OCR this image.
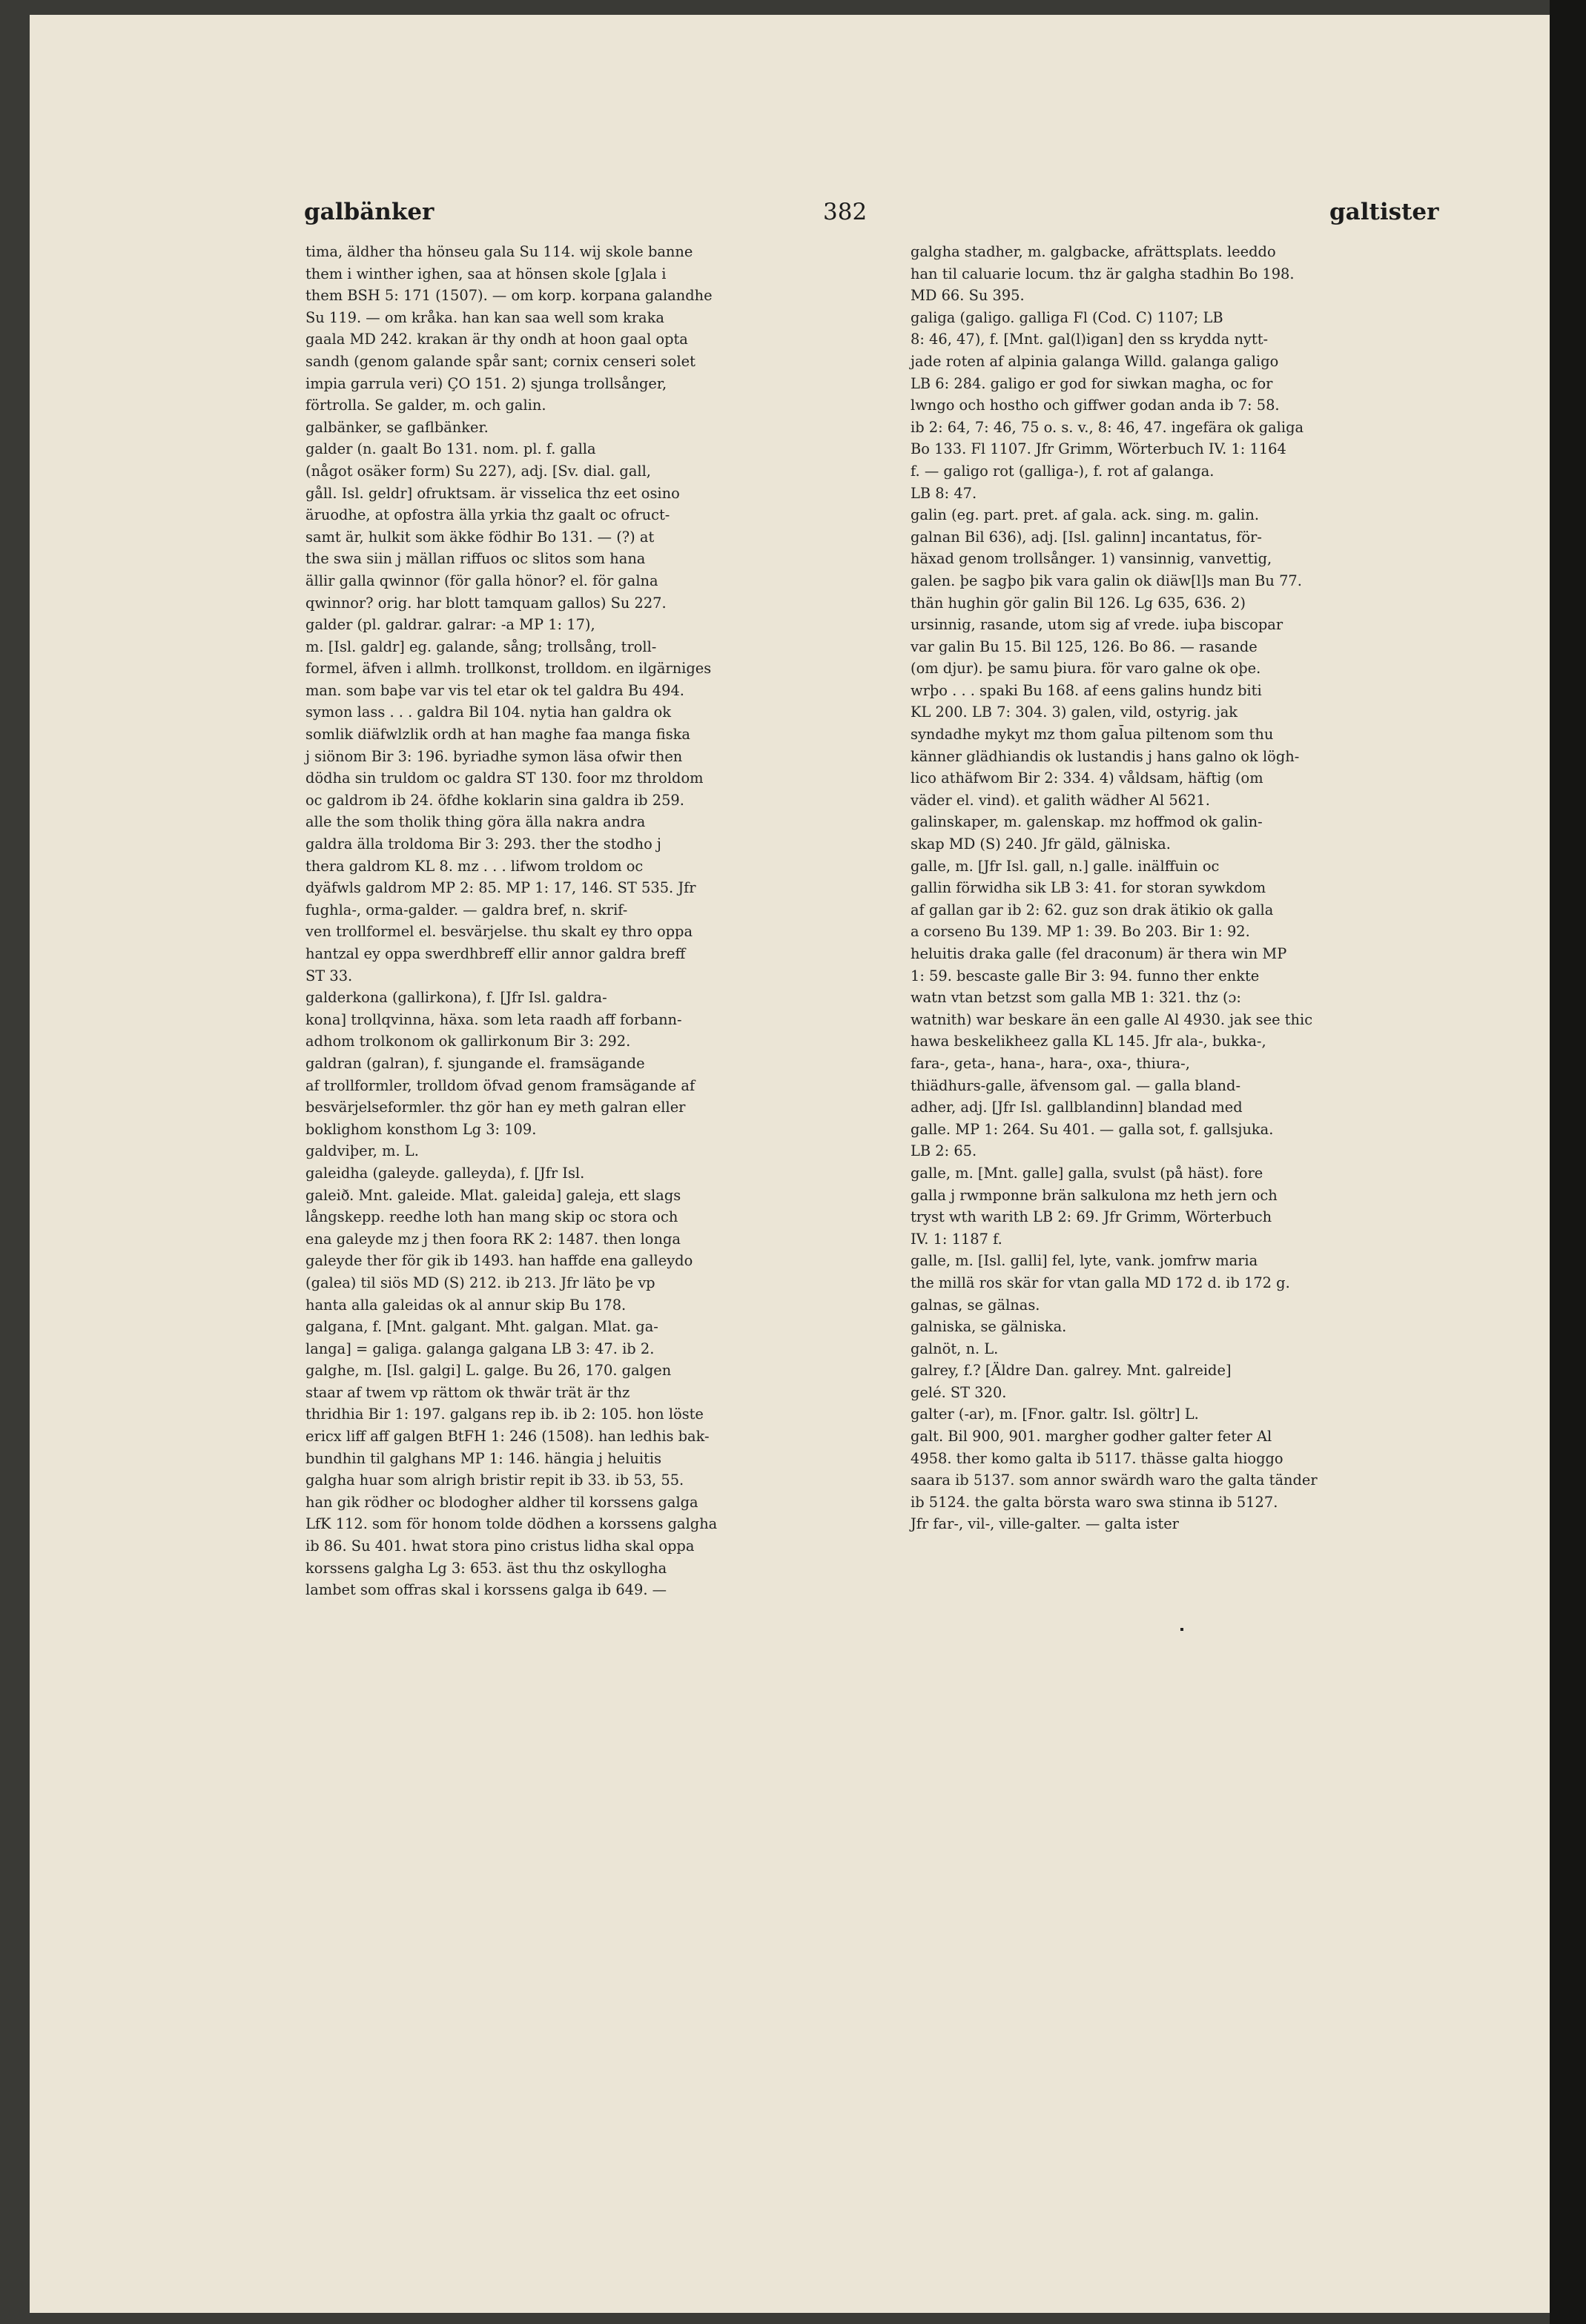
galbänker	382	galtister

tima, äldher tha hönseu gala Su 114. wij skole banne

them i winther ighen, saa at hönsen skole [g]ala i

them BSH 5: 171 (1507). — om korp. korpana galandhe

Su 119. — om kråka. han kan saa well som kraka

gaala MD 242. krakan är thy ondh at hoon gaal opta

sandh (genom galande spår sant; cornix censeri solet

impia garrula veri) ÇO 151. 2) sjunga trollsånger,

förtrolla. Se galder, m. och galin.

galbänker, se gaflbänker.

galder (n. gaalt Bo 131. nom. pl. f. galla

(något osäker form) Su 227), adj. [Sv. dial. gall,

gåll. Isl. geldr] ofruktsam. är visselica thz eet osino

äruodhe, at opfostra älla yrkia thz gaalt oc ofruct-

samt är, hulkit som äkke födhir Bo 131. — (?) at

the swa siin j mällan riffuos oc slitos som hana

ällir galla qwinnor (för galla hönor? el. för galna

qwinnor? orig. har blott tamquam gallos) Su 227.

galder (pl. galdrar. galrar: -a MP 1: 17),

m. [Isl. galdr] eg. galande, sång; trollsång, troll-

formel, äfven i allmh. trollkonst, trolldom. en ilgärniges

man. som baþe var vis tel etar ok tel galdra Bu 494.

symon lass . . . galdra Bil 104. nytia han galdra ok

somlik diäfwlzlik ordh at han maghe faa manga fiska

j siönom Bir 3: 196. byriadhe symon läsa ofwir then

dödha sin truldom oc galdra ST 130. foor mz throldom

oc galdrom ib 24. öfdhe koklarin sina galdra ib 259.

alle the som tholik thing göra älla nakra andra

galdra älla troldoma Bir 3: 293. ther the stodho j

thera galdrom KL 8. mz . . . lifwom troldom oc

dyäfwls galdrom MP 2: 85. MP 1: 17, 146. ST 535. Jfr

fughla-, orma-galder. — galdra bref, n. skrif-

ven trollformel el. besvärjelse. thu skalt ey thro oppa

hantzal ey oppa swerdhbreff ellir annor galdra breff

ST 33.

galderkona (gallirkona), f. [Jfr Isl. galdra-

kona] trollqvinna, häxa. som leta raadh aff forbann-

adhom trolkonom ok gallirkonum Bir 3: 292.

galdran (galran), f. sjungande el. framsägande

af trollformler, trolldom öfvad genom framsägande af

besvärjelseformler. thz gör han ey meth galran eller

boklighom konsthom Lg 3: 109.

galdviþer, m. L.

galeidha (galeyde. galleyda), f. [Jfr Isl.

galeið. Mnt. galeide. Mlat. galeida] galeja, ett slags

långskepp. reedhe loth han mang skip oc stora och

ena galeyde mz j then foora RK 2: 1487. then longa

galeyde ther för gik ib 1493. han haffde ena galleydo

(galea) til siös MD (S) 212. ib 213. Jfr läto þe vp

hanta alla galeidas ok al annur skip Bu 178.

galgana, f. [Mnt. galgant. Mht. galgan. Mlat. ga-

langa] = galiga. galanga galgana LB 3: 47. ib 2.

galghe, m. [Isl. galgi] L. galge. Bu 26, 170. galgen

staar af twem vp rättom ok thwär trät är thz

thridhia Bir 1: 197. galgans rep ib. ib 2: 105. hon löste

ericx liff aff galgen BtFH 1: 246 (1508). han ledhis bak-

bundhin til galghans MP 1: 146. hängia j heluitis

galgha huar som alrigh bristir repit ib 33. ib 53, 55.

han gik rödher oc blodogher aldher til korssens galga

LfK 112. som för honom tolde dödhen a korssens galgha

ib 86. Su 401. hwat stora pino cristus lidha skal oppa

korssens galgha Lg 3: 653. äst thu thz oskyllogha

lambet som offras skal i korssens galga ib 649. —

galgha stadher, m. galgbacke, afrättsplats. leeddo

han til caluarie locum. thz är galgha stadhin Bo 198.

MD 66. Su 395.

galiga (galigo. galliga Fl (Cod. C) 1107; LB

8: 46, 47), f. [Mnt. gal(l)igan] den ss krydda nytt-

jade roten af alpinia galanga Willd. galanga galigo

LB 6: 284. galigo er god for siwkan magha, oc for

lwngo och hostho och giffwer godan anda ib 7: 58.

ib 2: 64, 7: 46, 75 o. s. v., 8: 46, 47. ingefära ok galiga

Bo 133. Fl 1107. Jfr Grimm, Wörterbuch IV. 1: 1164

f. — galigo rot (galliga-), f. rot af galanga.

LB 8: 47.

galin (eg. part. pret. af gala. ack. sing. m. galin.

galnan Bil 636), adj. [Isl. galinn] incantatus, för-

häxad genom trollsånger. 1) vansinnig, vanvettig,

galen. þe sagþo þik vara galin ok diäw[l]s man Bu 77.

thän hughin gör galin Bil 126. Lg 635, 636. 2)

ursinnig, rasande, utom sig af vrede. iuþa biscopar

var galin Bu 15. Bil 125, 126. Bo 86. — rasande

(om djur). þe samu þiura. för varo galne ok oþe.

wrþo . . . spaki Bu 168. af eens galins hundz biti

KL 200. LB 7: 304. 3) galen, vild, ostyrig. jak

syndadhe mykyt mz thom gal̄ua piltenom som thu

känner glädhiandis ok lustandis j hans galno ok lögh-

lico athäfwom Bir 2: 334. 4) våldsam, häftig (om

väder el. vind). et galith wädher Al 5621.

galinskaper, m. galenskap. mz hoffmod ok galin-

skap MD (S) 240. Jfr gäld, gälniska.

galle, m. [Jfr Isl. gall, n.] galle. inälffuin oc

gallin förwidha sik LB 3: 41. for storan sywkdom

af gallan gar ib 2: 62. guz son drak ätikio ok galla

a corseno Bu 139. MP 1: 39. Bo 203. Bir 1: 92.

heluitis draka galle (fel draconum) är thera win MP

1: 59. bescaste galle Bir 3: 94. funno ther enkte

watn vtan betzst som galla MB 1: 321. thz (ɔ:

watnith) war beskare än een galle Al 4930. jak see thic

hawa beskelikheez galla KL 145. Jfr ala-, bukka-,

fara-, geta-, hana-, hara-, oxa-, thiura-,

thiädhurs-galle, äfvensom gal. — galla bland-

adher, adj. [Jfr Isl. gallblandinn] blandad med

galle. MP 1: 264. Su 401. — galla sot, f. gallsjuka.

LB 2: 65.

galle, m. [Mnt. galle] galla, svulst (på häst). fore

galla j rwmponne brän salkulona mz heth jern och

tryst wth warith LB 2: 69. Jfr Grimm, Wörterbuch

IV. 1: 1187 f.

galle, m. [Isl. galli] fel, lyte, vank. jomfrw maria

the millä ros skär for vtan galla MD 172 d. ib 172 g.

galnas, se gälnas.

galniska, se gälniska.

galnöt, n. L.

galrey, f.? [Äldre Dan. galrey. Mnt. galreide]

gelé. ST 320.

galter (-ar), m. [Fnor. galtr. Isl. göltr] L.

galt. Bil 900, 901. margher godher galter feter Al

4958. ther komo galta ib 5117. thässe galta hioggo

saara ib 5137. som annor swärdh waro the galta tänder

ib 5124. the galta börsta waro swa stinna ib 5127.

Jfr far-, vil-, ville-galter. — galta ister
